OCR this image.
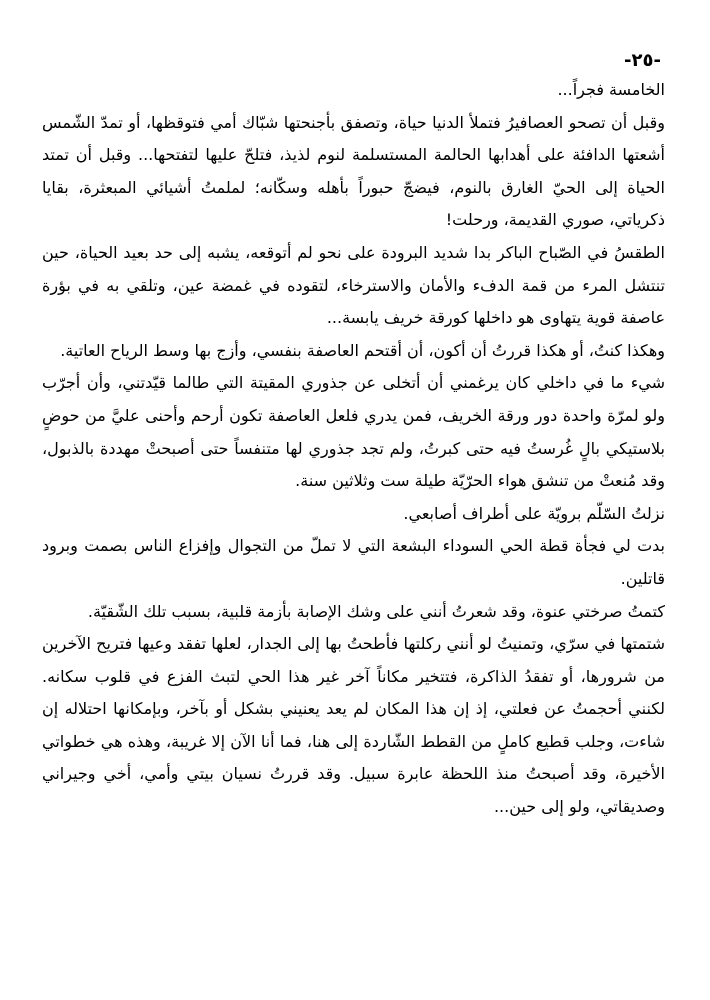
-٢٥-

الخامسة فجراً...

وقبل أن تصحو العصافيرُ فتملأ الدنيا حياة، وتصفق بأجنحتها شبّاك أمي فتوقظها، أو تمدّ الشّمس أشعتها الدافئة على أهدابها الحالمة المستسلمة لنوم لذيذ، فتلحّ عليها لتفتحها... وقبل أن تمتد الحياة إلى الحيّ الغارق بالنوم، فيضجّ حبوراً بأهله وسكّانه؛ لملمتُ أشيائي المبعثرة، بقايا ذكرياتي، صوري القديمة، ورحلت!

الطقسُ في الصّباح الباكر بدا شديد البرودة على نحو لم أتوقعه، يشبه إلى حد بعيد الحياة، حين تنتشل المرء من قمة الدفء والأمان والاسترخاء، لتقوده في غمضة عين، وتلقي به في بؤرة عاصفة قوية يتهاوى هو داخلها كورقة خريف يابسة...

وهكذا كنتُ، أو هكذا قررتُ أن أكون، أن أقتحم العاصفة بنفسي، وأزج بها وسط الرياح العاتية.

شيء ما في داخلي كان يرغمني أن أتخلى عن جذوري المقيتة التي طالما قيّدتني، وأن أجرّب ولو لمرّة واحدة دور ورقة الخريف، فمن يدري فلعل العاصفة تكون أرحم وأحنى عليَّ من حوضٍ بلاستيكي بالٍ غُرستُ فيه حتى كبرتُ، ولم تجد جذوري لها متنفساً حتى أصبحتْ مهددة بالذبول، وقد مُنعتْ من تنشق هواء الحرّيّة طيلة ست وثلاثين سنة.

نزلتُ السّلّم برويّة على أطراف أصابعي.

بدت لي فجأة قطة الحي السوداء البشعة التي لا تملّ من التجوال وإفزاع الناس بصمت وبرود قاتلين.

كتمتُ صرختي عنوة، وقد شعرتُ أنني على وشك الإصابة بأزمة قلبية، بسبب تلك الشّقيّة.

شتمتها في سرّي، وتمنيتُ لو أنني ركلتها فأطحتُ بها إلى الجدار، لعلها تفقد وعيها فتريح الآخرين من شرورها، أو تفقدُ الذاكرة، فتتخير مكاناً آخر غير هذا الحي لتبث الفزع في قلوب سكانه. لكنني أحجمتُ عن فعلتي، إذ إن هذا المكان لم يعد يعنيني بشكل أو بآخر، وبإمكانها احتلاله إن شاءت، وجلب قطيع كاملٍ من القطط الشّاردة إلى هنا، فما أنا الآن إلا غريبة، وهذه هي خطواتي الأخيرة، وقد أصبحتُ منذ اللحظة عابرة سبيل. وقد قررتُ نسيان بيتي وأمي، أخي وجيراني وصديقاتي، ولو إلى حين...
